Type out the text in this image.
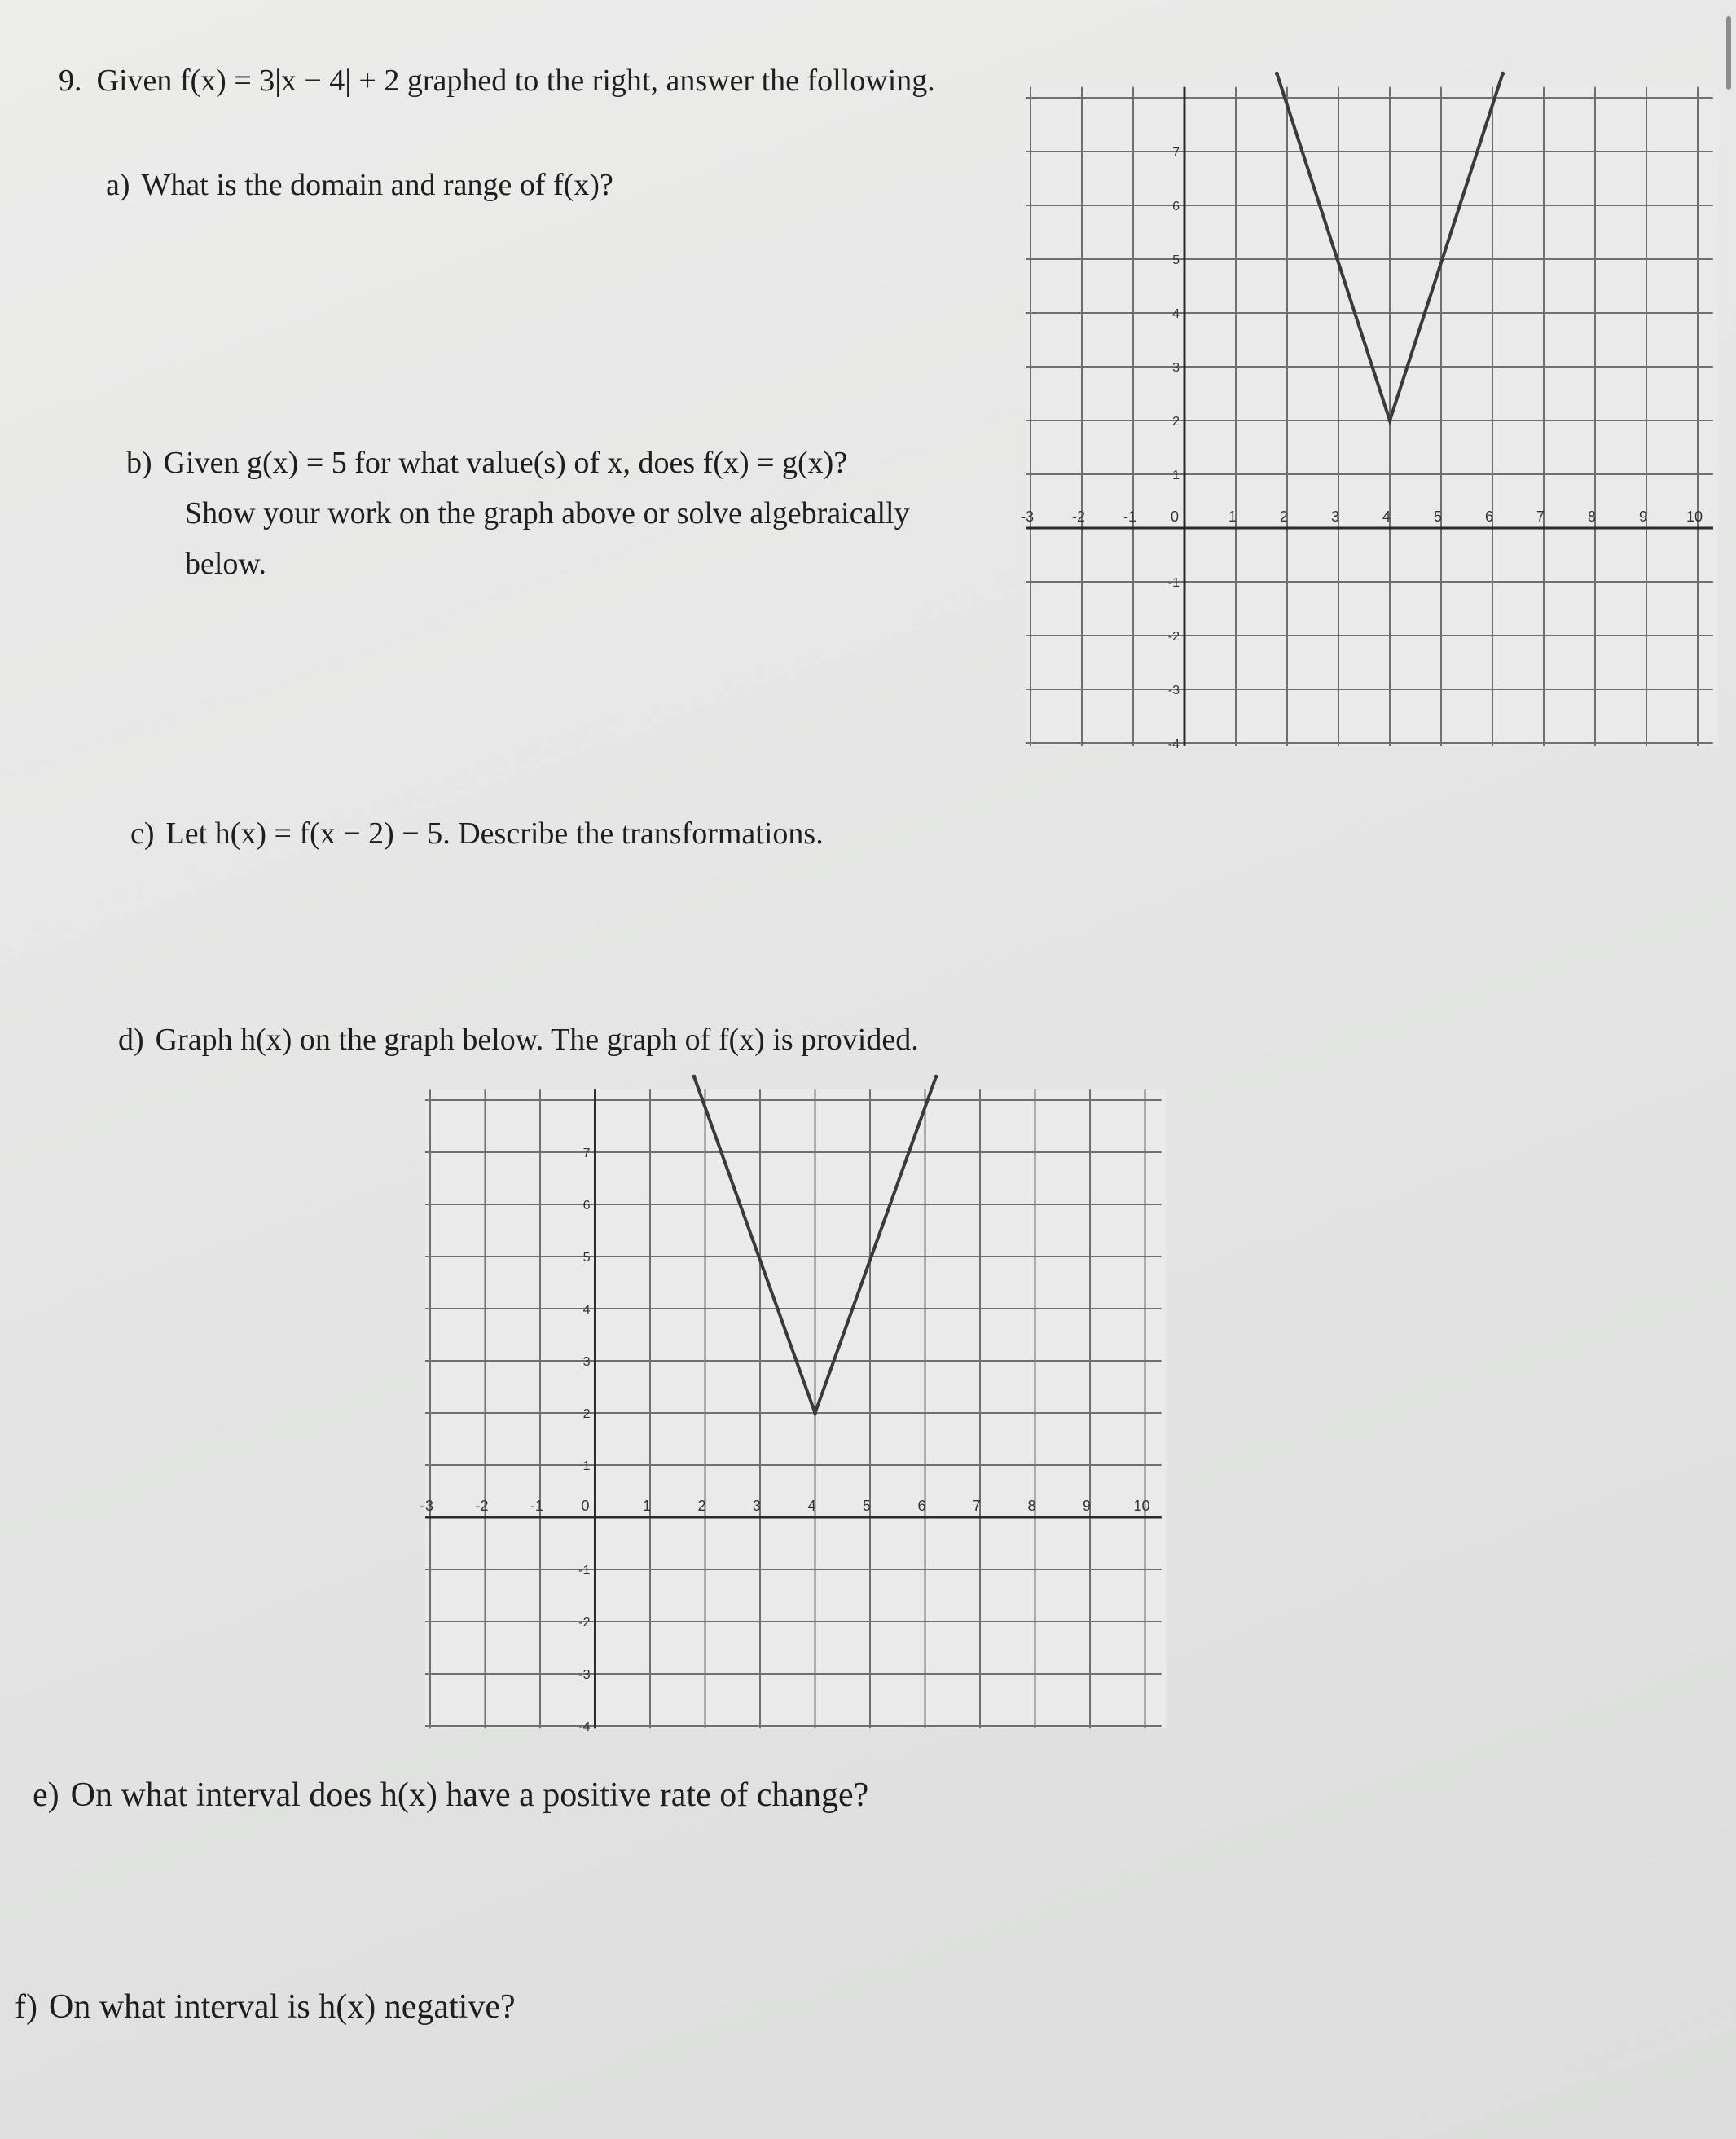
9. Given f(x) = 3|x − 4| + 2 graphed to the right, answer the following.
a) What is the domain and range of f(x)?
b) Given g(x) = 5 for what value(s) of x, does f(x) = g(x)?
Show your work on the graph above or solve algebraically
below.
-3	-2	-1 0	1	2	3	4	5	6	7	8	9	10
7
6
5
4
3
2
1
-1
-2
-3
-4
c) Let h(x) = f(x − 2) − 5. Describe the transformations.
d) Graph h(x) on the graph below. The graph of f(x) is provided.
-3	-2	-1	0	1	2	3	4	5	6	7	8	9	10
7
6
5
4
3
2
1
-1
-2
-3
-4
e) On what interval does h(x) have a positive rate of change?
f) On what interval is h(x) negative?
